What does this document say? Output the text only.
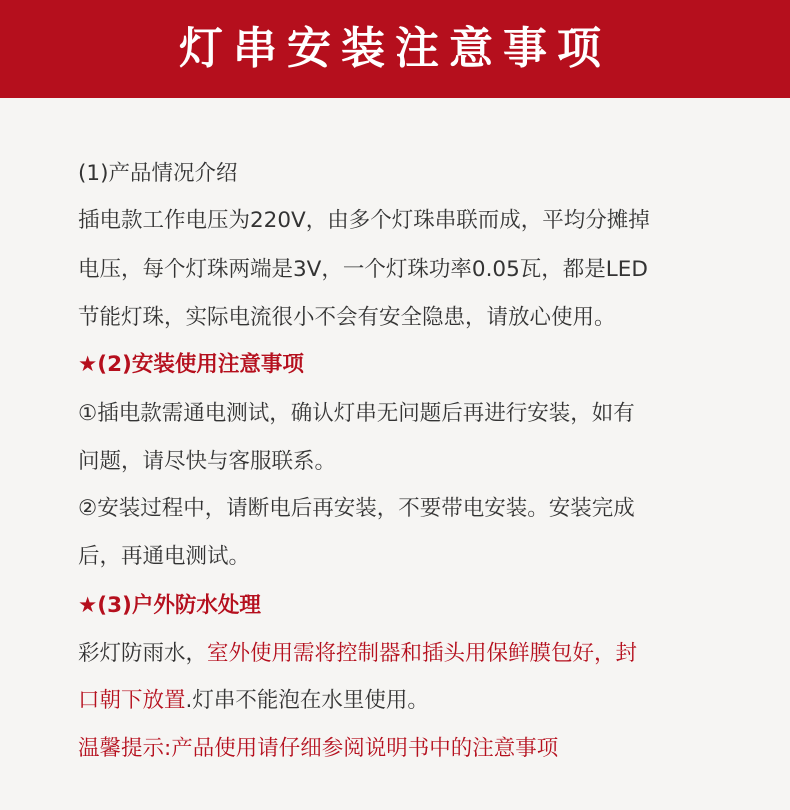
灯串安装注意事项
(1)产品情况介绍
插电款工作电压为220V，由多个灯珠串联而成，平均分摊掉
电压，每个灯珠两端是3V，一个灯珠功率0.05瓦，都是LED
节能灯珠，实际电流很小不会有安全隐患，请放心使用。
★(2)安装使用注意事项
①插电款需通电测试，确认灯串无问题后再进行安装，如有
问题，请尽快与客服联系。
②安装过程中，请断电后再安装，不要带电安装。安装完成
后，再通电测试。
★(3)户外防水处理
彩灯防雨水，室外使用需将控制器和插头用保鲜膜包好，封
口朝下放置.灯串不能泡在水里使用。
温馨提示:产品使用请仔细参阅说明书中的注意事项
